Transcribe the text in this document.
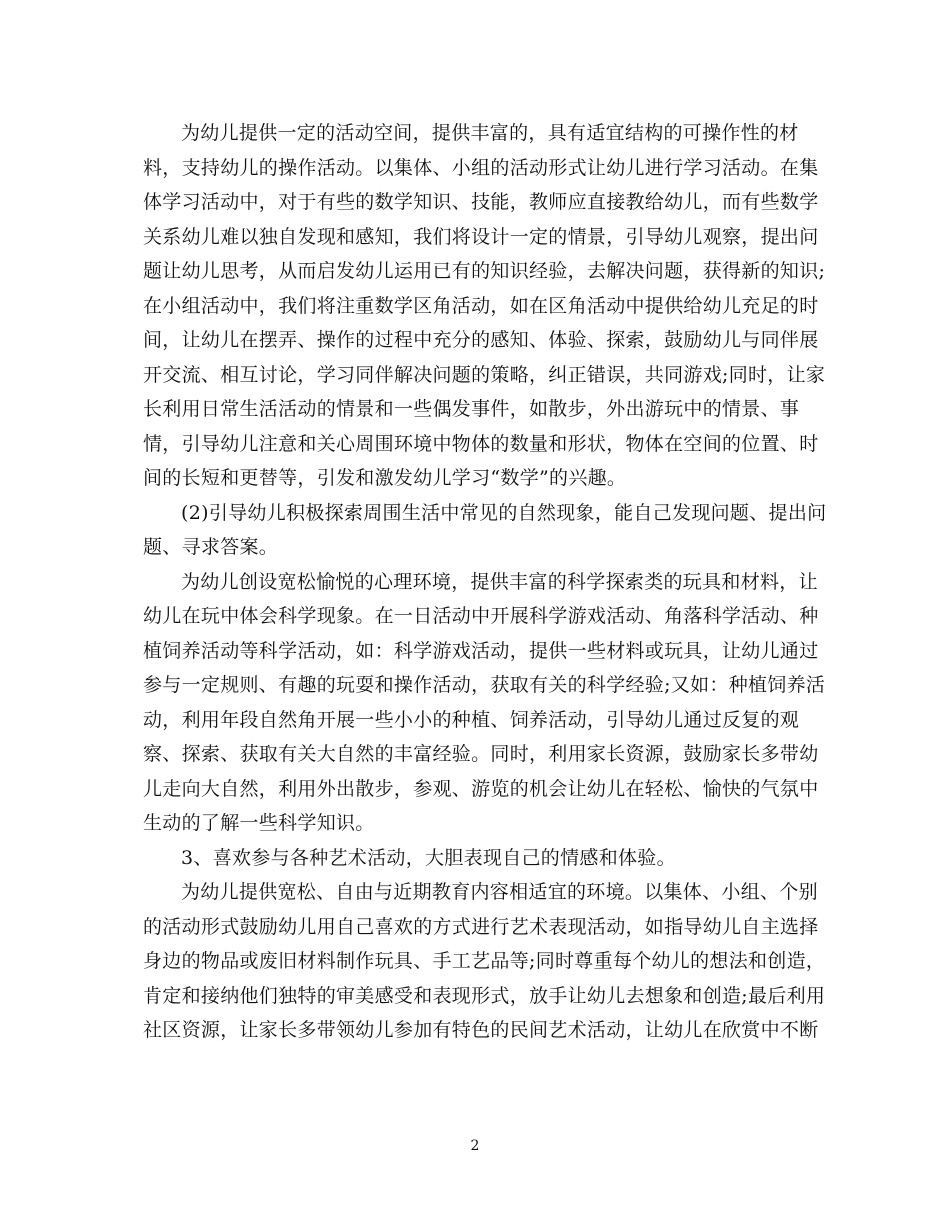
为幼儿提供一定的活动空间，提供丰富的，具有适宜结构的可操作性的材
料，支持幼儿的操作活动。以集体、小组的活动形式让幼儿进行学习活动。在集
体学习活动中，对于有些的数学知识、技能，教师应直接教给幼儿，而有些数学
关系幼儿难以独自发现和感知，我们将设计一定的情景，引导幼儿观察，提出问
题让幼儿思考，从而启发幼儿运用已有的知识经验，去解决问题，获得新的知识;
在小组活动中，我们将注重数学区角活动，如在区角活动中提供给幼儿充足的时
间，让幼儿在摆弄、操作的过程中充分的感知、体验、探索，鼓励幼儿与同伴展
开交流、相互讨论，学习同伴解决问题的策略，纠正错误，共同游戏;同时，让家
长利用日常生活活动的情景和一些偶发事件，如散步，外出游玩中的情景、事
情，引导幼儿注意和关心周围环境中物体的数量和形状，物体在空间的位置、时
间的长短和更替等，引发和激发幼儿学习“数学”的兴趣。
(2)引导幼儿积极探索周围生活中常见的自然现象，能自己发现问题、提出问
题、寻求答案。
为幼儿创设宽松愉悦的心理环境，提供丰富的科学探索类的玩具和材料，让
幼儿在玩中体会科学现象。在一日活动中开展科学游戏活动、角落科学活动、种
植饲养活动等科学活动，如：科学游戏活动，提供一些材料或玩具，让幼儿通过
参与一定规则、有趣的玩耍和操作活动，获取有关的科学经验;又如：种植饲养活
动，利用年段自然角开展一些小小的种植、饲养活动，引导幼儿通过反复的观
察、探索、获取有关大自然的丰富经验。同时，利用家长资源，鼓励家长多带幼
儿走向大自然，利用外出散步，参观、游览的机会让幼儿在轻松、愉快的气氛中
生动的了解一些科学知识。
3、喜欢参与各种艺术活动，大胆表现自己的情感和体验。
为幼儿提供宽松、自由与近期教育内容相适宜的环境。以集体、小组、个别
的活动形式鼓励幼儿用自己喜欢的方式进行艺术表现活动，如指导幼儿自主选择
身边的物品或废旧材料制作玩具、手工艺品等;同时尊重每个幼儿的想法和创造，
肯定和接纳他们独特的审美感受和表现形式，放手让幼儿去想象和创造;最后利用
社区资源，让家长多带领幼儿参加有特色的民间艺术活动，让幼儿在欣赏中不断
2
